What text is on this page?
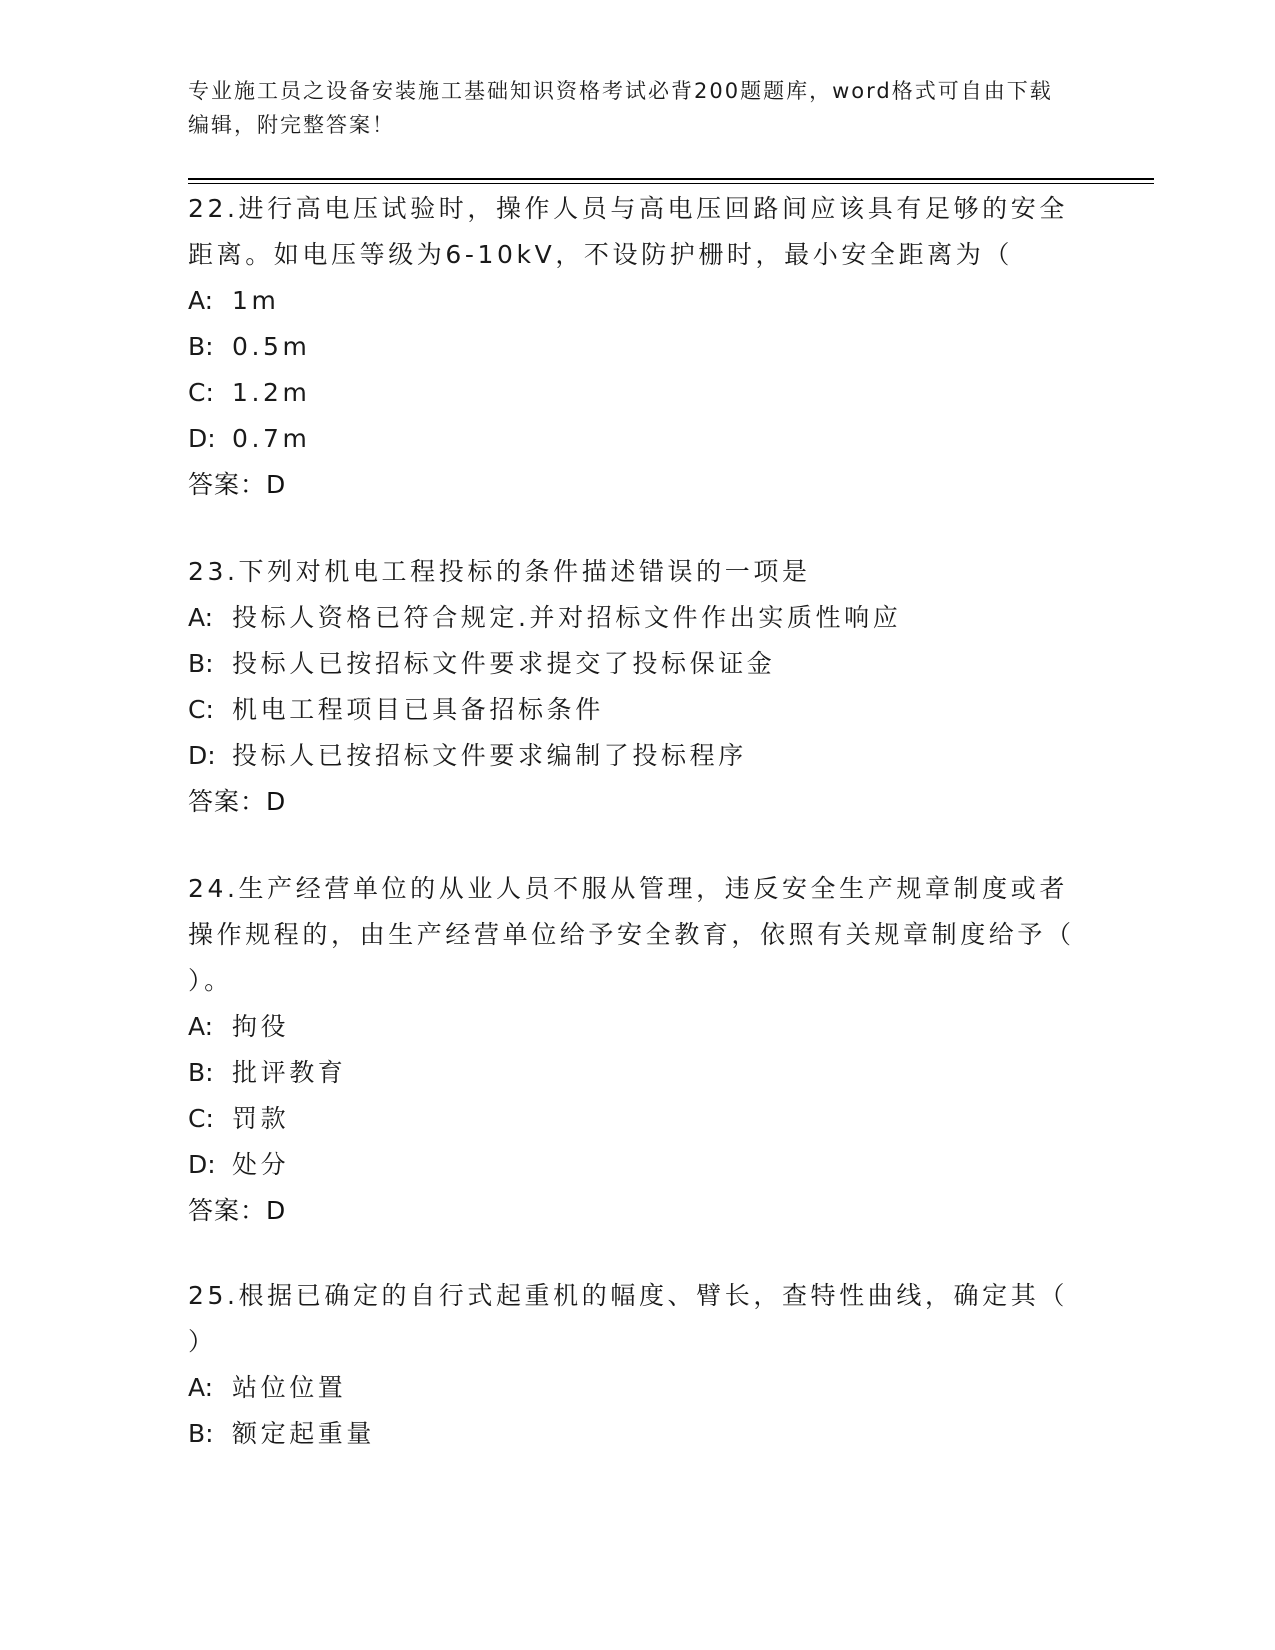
专业施工员之设备安装施工基础知识资格考试必背200题题库，word格式可自由下载编辑，附完整答案！
22.进行高电压试验时，操作人员与高电压回路间应该具有足够的安全距离。如电压等级为6-10kV，不设防护栅时，最小安全距离为（
A: 1m
B: 0.5m
C: 1.2m
D: 0.7m
答案：D
23.下列对机电工程投标的条件描述错误的一项是
A: 投标人资格已符合规定.并对招标文件作出实质性响应
B: 投标人已按招标文件要求提交了投标保证金
C: 机电工程项目已具备招标条件
D: 投标人已按招标文件要求编制了投标程序
答案：D
24.生产经营单位的从业人员不服从管理，违反安全生产规章制度或者操作规程的，由生产经营单位给予安全教育，依照有关规章制度给予（ ）。
A: 拘役
B: 批评教育
C: 罚款
D: 处分
答案：D
25.根据已确定的自行式起重机的幅度、臂长，查特性曲线，确定其（ ）
A: 站位位置
B: 额定起重量
